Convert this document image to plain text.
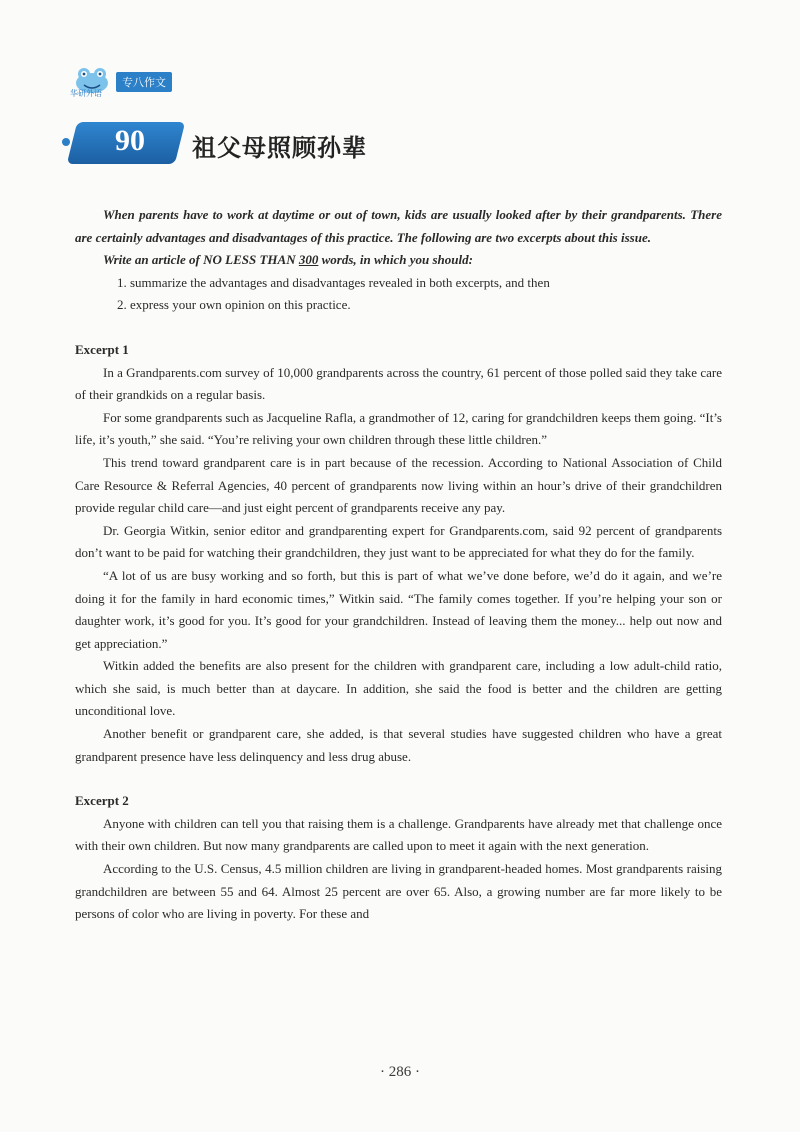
华研外语
专八作文
90	祖父母照顾孙辈

When parents have to work at daytime or out of town, kids are usually looked after by their grandparents. There are certainly advantages and disadvantages of this practice. The following are two excerpts about this issue.

Write an article of NO LESS THAN 300 words, in which you should:

1. summarize the advantages and disadvantages revealed in both excerpts, and then

2. express your own opinion on this practice.

Excerpt 1

In a Grandparents.com survey of 10,000 grandparents across the country, 61 percent of those polled said they take care of their grandkids on a regular basis.

For some grandparents such as Jacqueline Rafla, a grandmother of 12, caring for grandchildren keeps them going. “It’s life, it’s youth,” she said. “You’re reliving your own children through these little children.”

This trend toward grandparent care is in part because of the recession. According to National Association of Child Care Resource & Referral Agencies, 40 percent of grandparents now living within an hour’s drive of their grandchildren provide regular child care—and just eight percent of grandparents receive any pay.

Dr. Georgia Witkin, senior editor and grandparenting expert for Grandparents.com, said 92 percent of grandparents don’t want to be paid for watching their grandchildren, they just want to be appreciated for what they do for the family.

“A lot of us are busy working and so forth, but this is part of what we’ve done before, we’d do it again, and we’re doing it for the family in hard economic times,” Witkin said. “The family comes together. If you’re helping your son or daughter work, it’s good for you. It’s good for your grandchildren. Instead of leaving them the money... help out now and get appreciation.”

Witkin added the benefits are also present for the children with grandparent care, including a low adult-child ratio, which she said, is much better than at daycare. In addition, she said the food is better and the children are getting unconditional love.

Another benefit or grandparent care, she added, is that several studies have suggested children who have a great grandparent presence have less delinquency and less drug abuse.

Excerpt 2

Anyone with children can tell you that raising them is a challenge. Grandparents have already met that challenge once with their own children. But now many grandparents are called upon to meet it again with the next generation.

According to the U.S. Census, 4.5 million children are living in grandparent-headed homes. Most grandparents raising grandchildren are between 55 and 64. Almost 25 percent are over 65. Also, a growing number are far more likely to be persons of color who are living in poverty. For these and

· 286 ·
